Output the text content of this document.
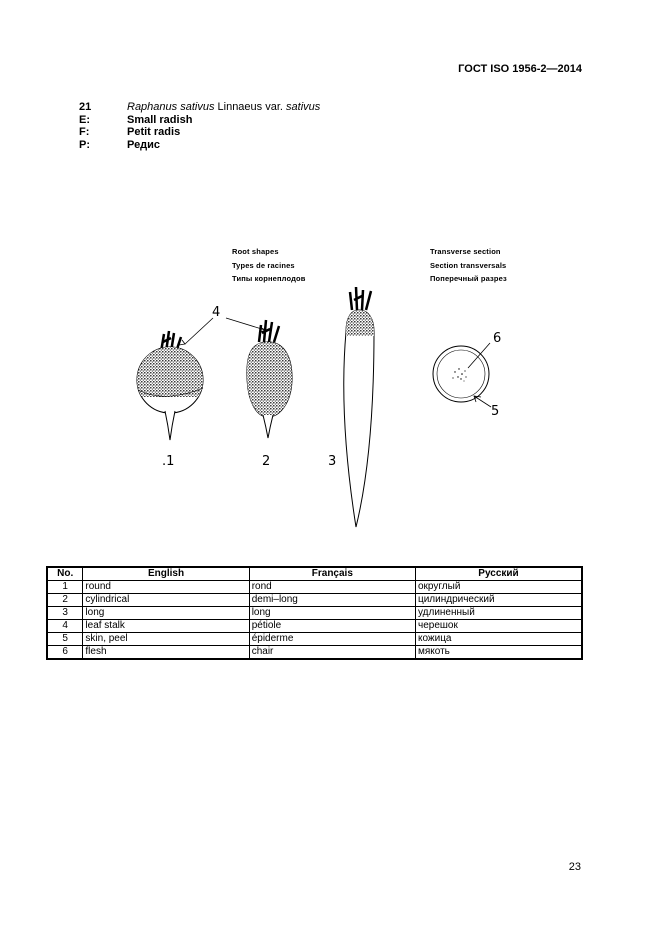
ГОСТ ISO 1956-2—2014
21	Raphanus sativus Linnaeus var. sativus
E:	Small radish
F:	Petit radis
P:	Редис
Root shapes
Types de racines
Типы корнеплодов
Transverse section
Section transversals
Поперечный разрез
4
6
5
.1	2	3
No.	English	Français	Русский
1	round	rond	округлый
2	cylindrical	demi–long	цилиндрический
3	long	long	удлиненный
4	leaf stalk	pétiole	черешок
5	skin, peel	épiderme	кожица
6	flesh	chair	мякоть
23
